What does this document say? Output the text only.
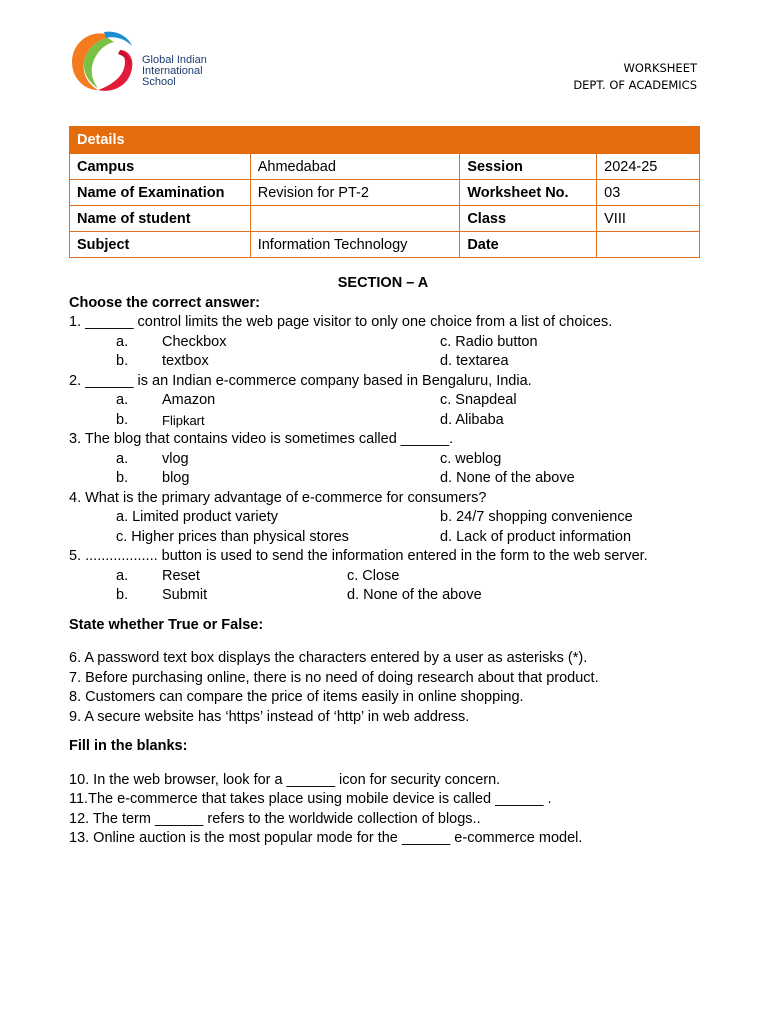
Global Indian
International
School
WORKSHEET
DEPT. OF ACADEMICS
Details			
Campus	Ahmedabad	Session	2024-25
Name of Examination	Revision for PT-2	Worksheet No.	03
Name of student		Class	VIII
Subject	Information Technology	Date	
SECTION – A
Choose the correct answer:
1. ______ control limits the web page visitor to only one choice from a list of choices.
a. Checkbox	c. Radio button
b. textbox	d. textarea
2. ______ is an Indian e-commerce company based in Bengaluru, India.
a. Amazon	c. Snapdeal
b.	Flipkart	d. Alibaba
3. The blog that contains video is sometimes called ______.
a. vlog	c. weblog
b. blog	d. None of the above
4. What is the primary advantage of e-commerce for consumers?
a. Limited product variety	b. 24/7 shopping convenience
c. Higher prices than physical stores	d. Lack of product information
5. .................. button is used to send the information entered in the form to the web server.
a. Reset	c. Close
b. Submit	d. None of the above
State whether True or False:
6. A password text box displays the characters entered by a user as asterisks (*).
7. Before purchasing online, there is no need of doing research about that product.
8. Customers can compare the price of items easily in online shopping.
9. A secure website has ‘https’ instead of ‘http’ in web address.
Fill in the blanks:
10. In the web browser, look for a ______ icon for security concern.
11.The e-commerce that takes place using mobile device is called ______ .
12. The term ______ refers to the worldwide collection of blogs..
13. Online auction is the most popular mode for the ______ e-commerce model.
